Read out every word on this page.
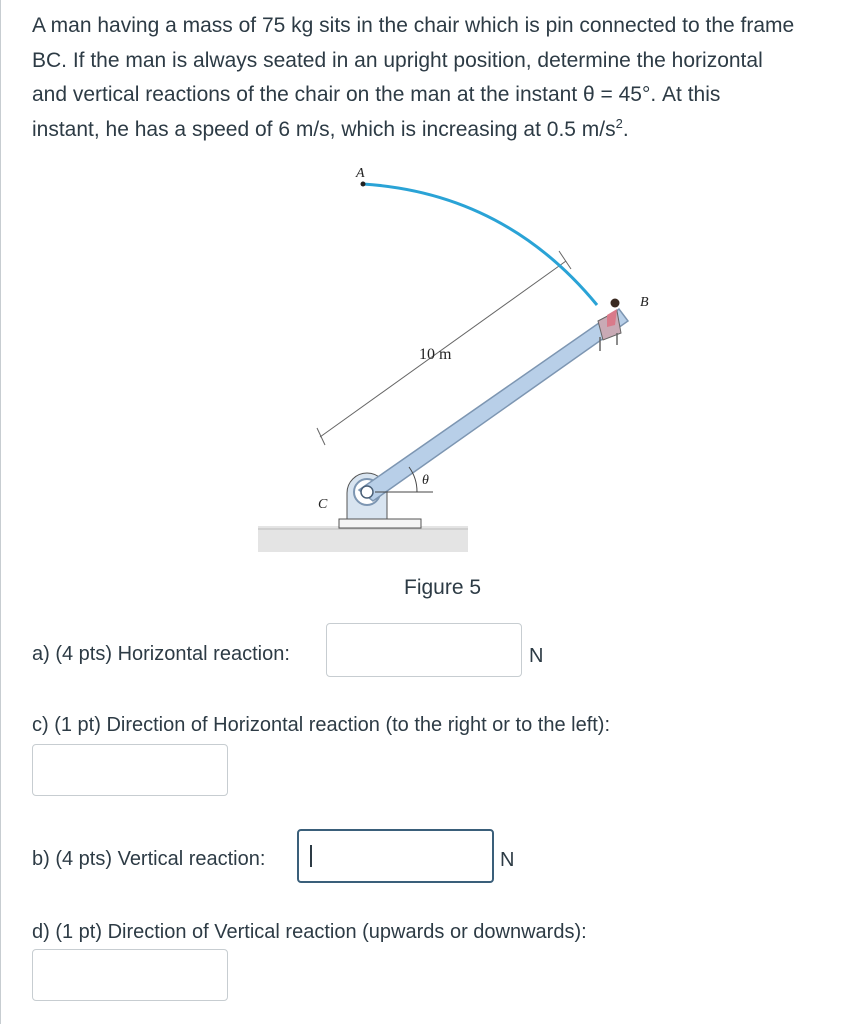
A man having a mass of 75 kg sits in the chair which is pin connected to the frame
BC. If the man is always seated in an upright position, determine the horizontal
and vertical reactions of the chair on the man at the instant θ = 45°. At this
instant, he has a speed of 6 m/s, which is increasing at 0.5 $m/s^2$.
A
B
C
10 m
θ
Figure 5
a) (4 pts) Horizontal reaction:	N
c) (1 pt) Direction of Horizontal reaction (to the right or to the left):
b) (4 pts) Vertical reaction:	N
d) (1 pt) Direction of Vertical reaction (upwards or downwards):
